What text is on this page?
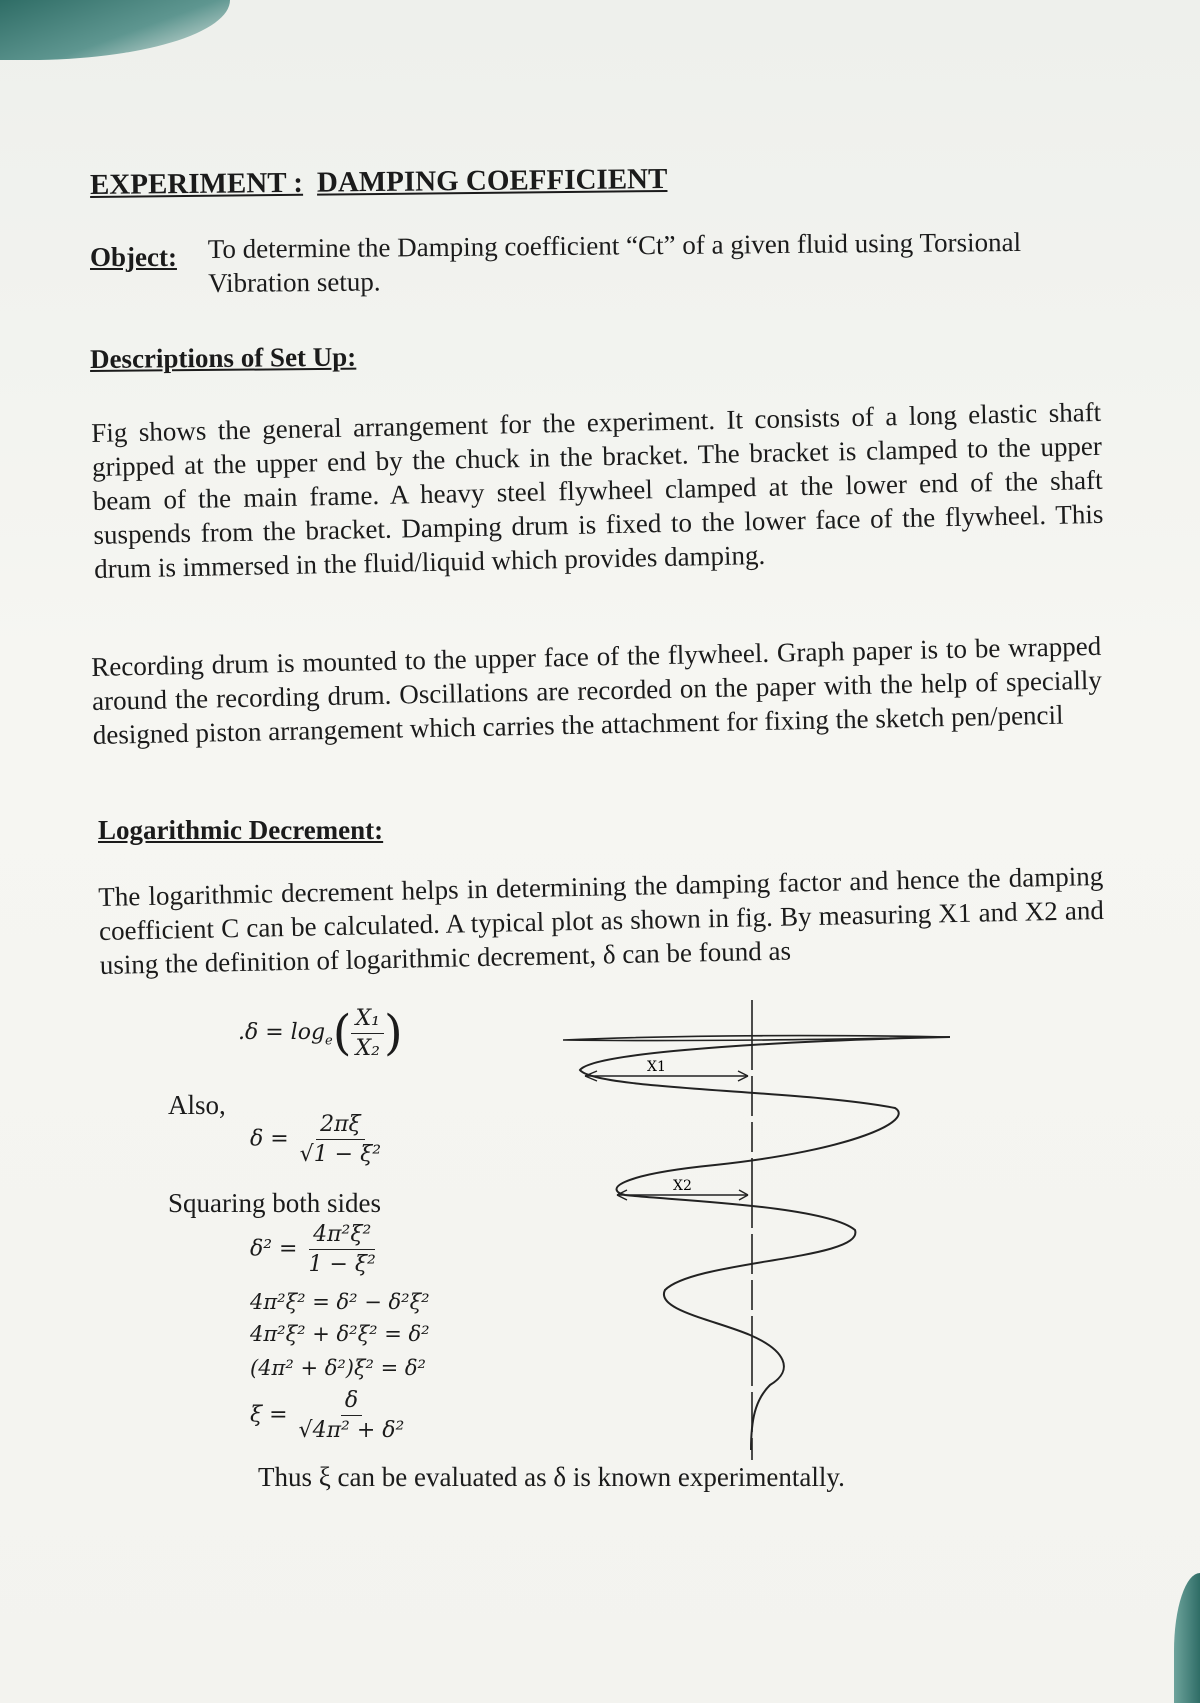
EXPERIMENT : DAMPING COEFFICIENT
Object: To determine the Damping coefficient “Ct” of a given fluid using Torsional Vibration setup.
Descriptions of Set Up:
Fig shows the general arrangement for the experiment. It consists of a long elastic shaft gripped at the upper end by the chuck in the bracket. The bracket is clamped to the upper beam of the main frame. A heavy steel flywheel clamped at the lower end of the shaft suspends from the bracket. Damping drum is fixed to the lower face of the flywheel. This drum is immersed in the fluid/liquid which provides damping.
Recording drum is mounted to the upper face of the flywheel. Graph paper is to be wrapped around the recording drum. Oscillations are recorded on the paper with the help of specially designed piston arrangement which carries the attachment for fixing the sketch pen/pencil
Logarithmic Decrement:
The logarithmic decrement helps in determining the damping factor and hence the damping coefficient C can be calculated. A typical plot as shown in fig. By measuring X1 and X2 and using the definition of logarithmic decrement, δ can be found as
$.\delta = \log_e( \frac{\text{X₁}}{\text{X₂}}$ )
Also,
$\delta = \frac{2\pi\xi}{\text{√1 − ξ²}}$
Squaring both sides
$\delta^2 = \frac{\text{4π²ξ²}}{\text{1 − ξ²}}$
4π²ξ² = δ² − δ²ξ²
4π²ξ² + δ²ξ² = δ²
(4π² + δ²)ξ² = δ²
$\xi = \frac{\delta}{\text{√4π² + δ²}}$
Thus ξ can be evaluated as δ is known experimentally.
X1
X2
